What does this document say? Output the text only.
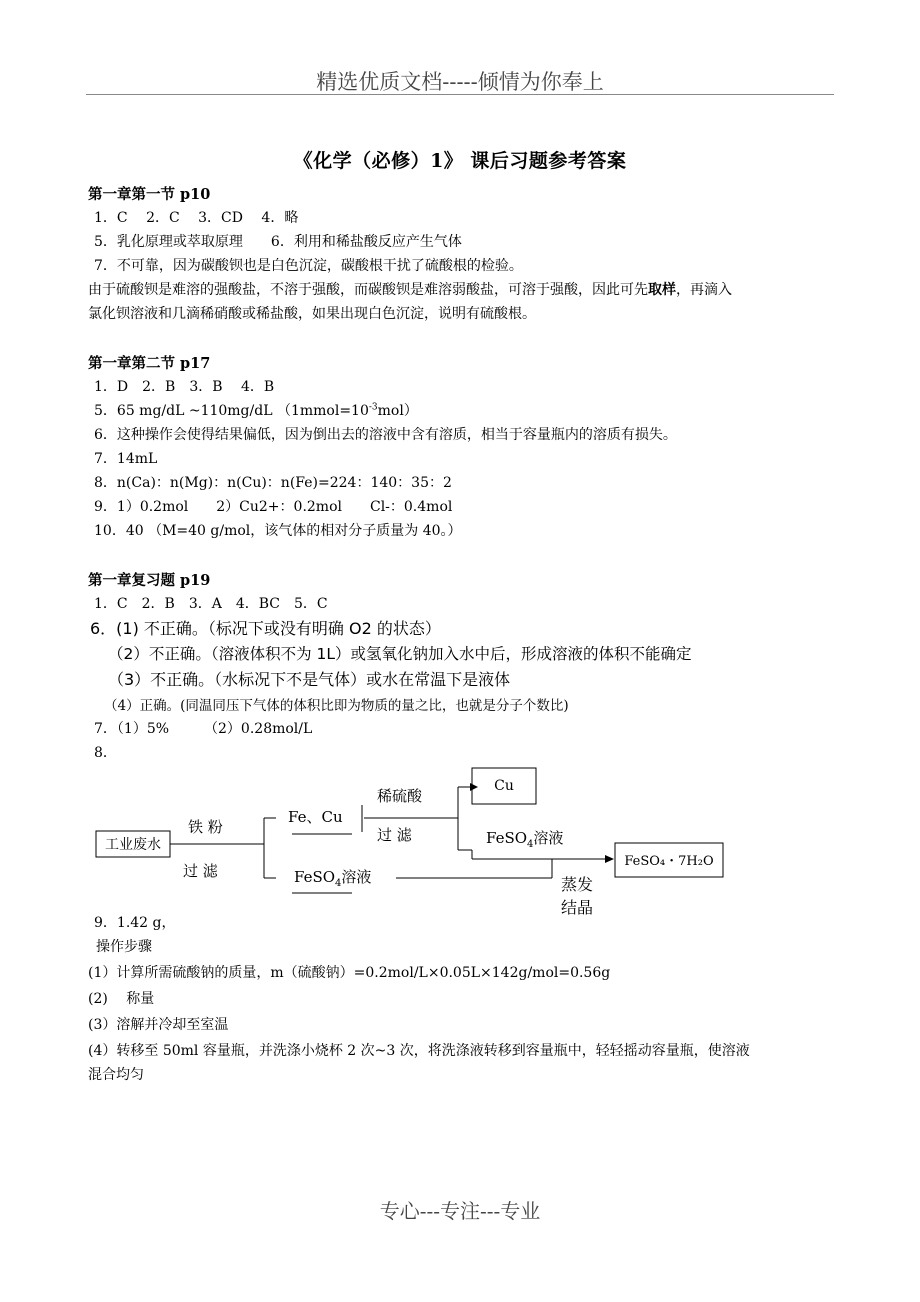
精选优质文档-----倾情为你奉上
《化学（必修）1》 课后习题参考答案
第一章第一节 p10
1．C　 2．C　 3．CD　 4．略
5．乳化原理或萃取原理　　6．利用和稀盐酸反应产生气体
7．不可靠，因为碳酸钡也是白色沉淀，碳酸根干扰了硫酸根的检验。
由于硫酸钡是难溶的强酸盐，不溶于强酸，而碳酸钡是难溶弱酸盐，可溶于强酸，因此可先取样，再滴入
氯化钡溶液和几滴稀硝酸或稀盐酸，如果出现白色沉淀，说明有硫酸根。
第一章第二节 p17
1．D　2．B　3．B　 4．B
5．65 mg/dL ~110mg/dL $(1mmol=10^{-3}mol)$
6．这种操作会使得结果偏低，因为倒出去的溶液中含有溶质，相当于容量瓶内的溶质有损失。
7．14mL
8．n(Ca)：n(Mg)：n(Cu)：n(Fe)=224：140：35：2
9．1）0.2mol　　2）Cu2+：0.2mol　　Cl-：0.4mol
10．40 （M=40 g/mol，该气体的相对分子质量为 40。）
第一章复习题 p19
1．C　2．B　3．A　4．BC　5．C
6．(1) 不正确。（标况下或没有明确 O2 的状态）
（2）不正确。（溶液体积不为 1L）或氢氧化钠加入水中后，形成溶液的体积不能确定
（3）不正确。（水标况下不是气体）或水在常温下是液体
（4）正确。(同温同压下气体的体积比即为物质的量之比，也就是分子个数比)
7．（1）5%　　　（2）0.28mol/L
8．
工业废水
铁 粉
过 滤
Fe、Cu
FeSO$_4$溶液
稀硫酸
过 滤
Cu
FeSO$_4$溶液
FeSO₄・7H₂O
蒸发
结晶
9．1.42 g，
操作步骤
(1）计算所需硫酸钠的质量，m（硫酸钠）=0.2mol/L×0.05L×142g/mol=0.56g
(2)　 称量
(3）溶解并冷却至室温
(4）转移至 50ml 容量瓶，并洗涤小烧杯 2 次~3 次，将洗涤液转移到容量瓶中，轻轻摇动容量瓶，使溶液
混合均匀
专心---专注---专业
